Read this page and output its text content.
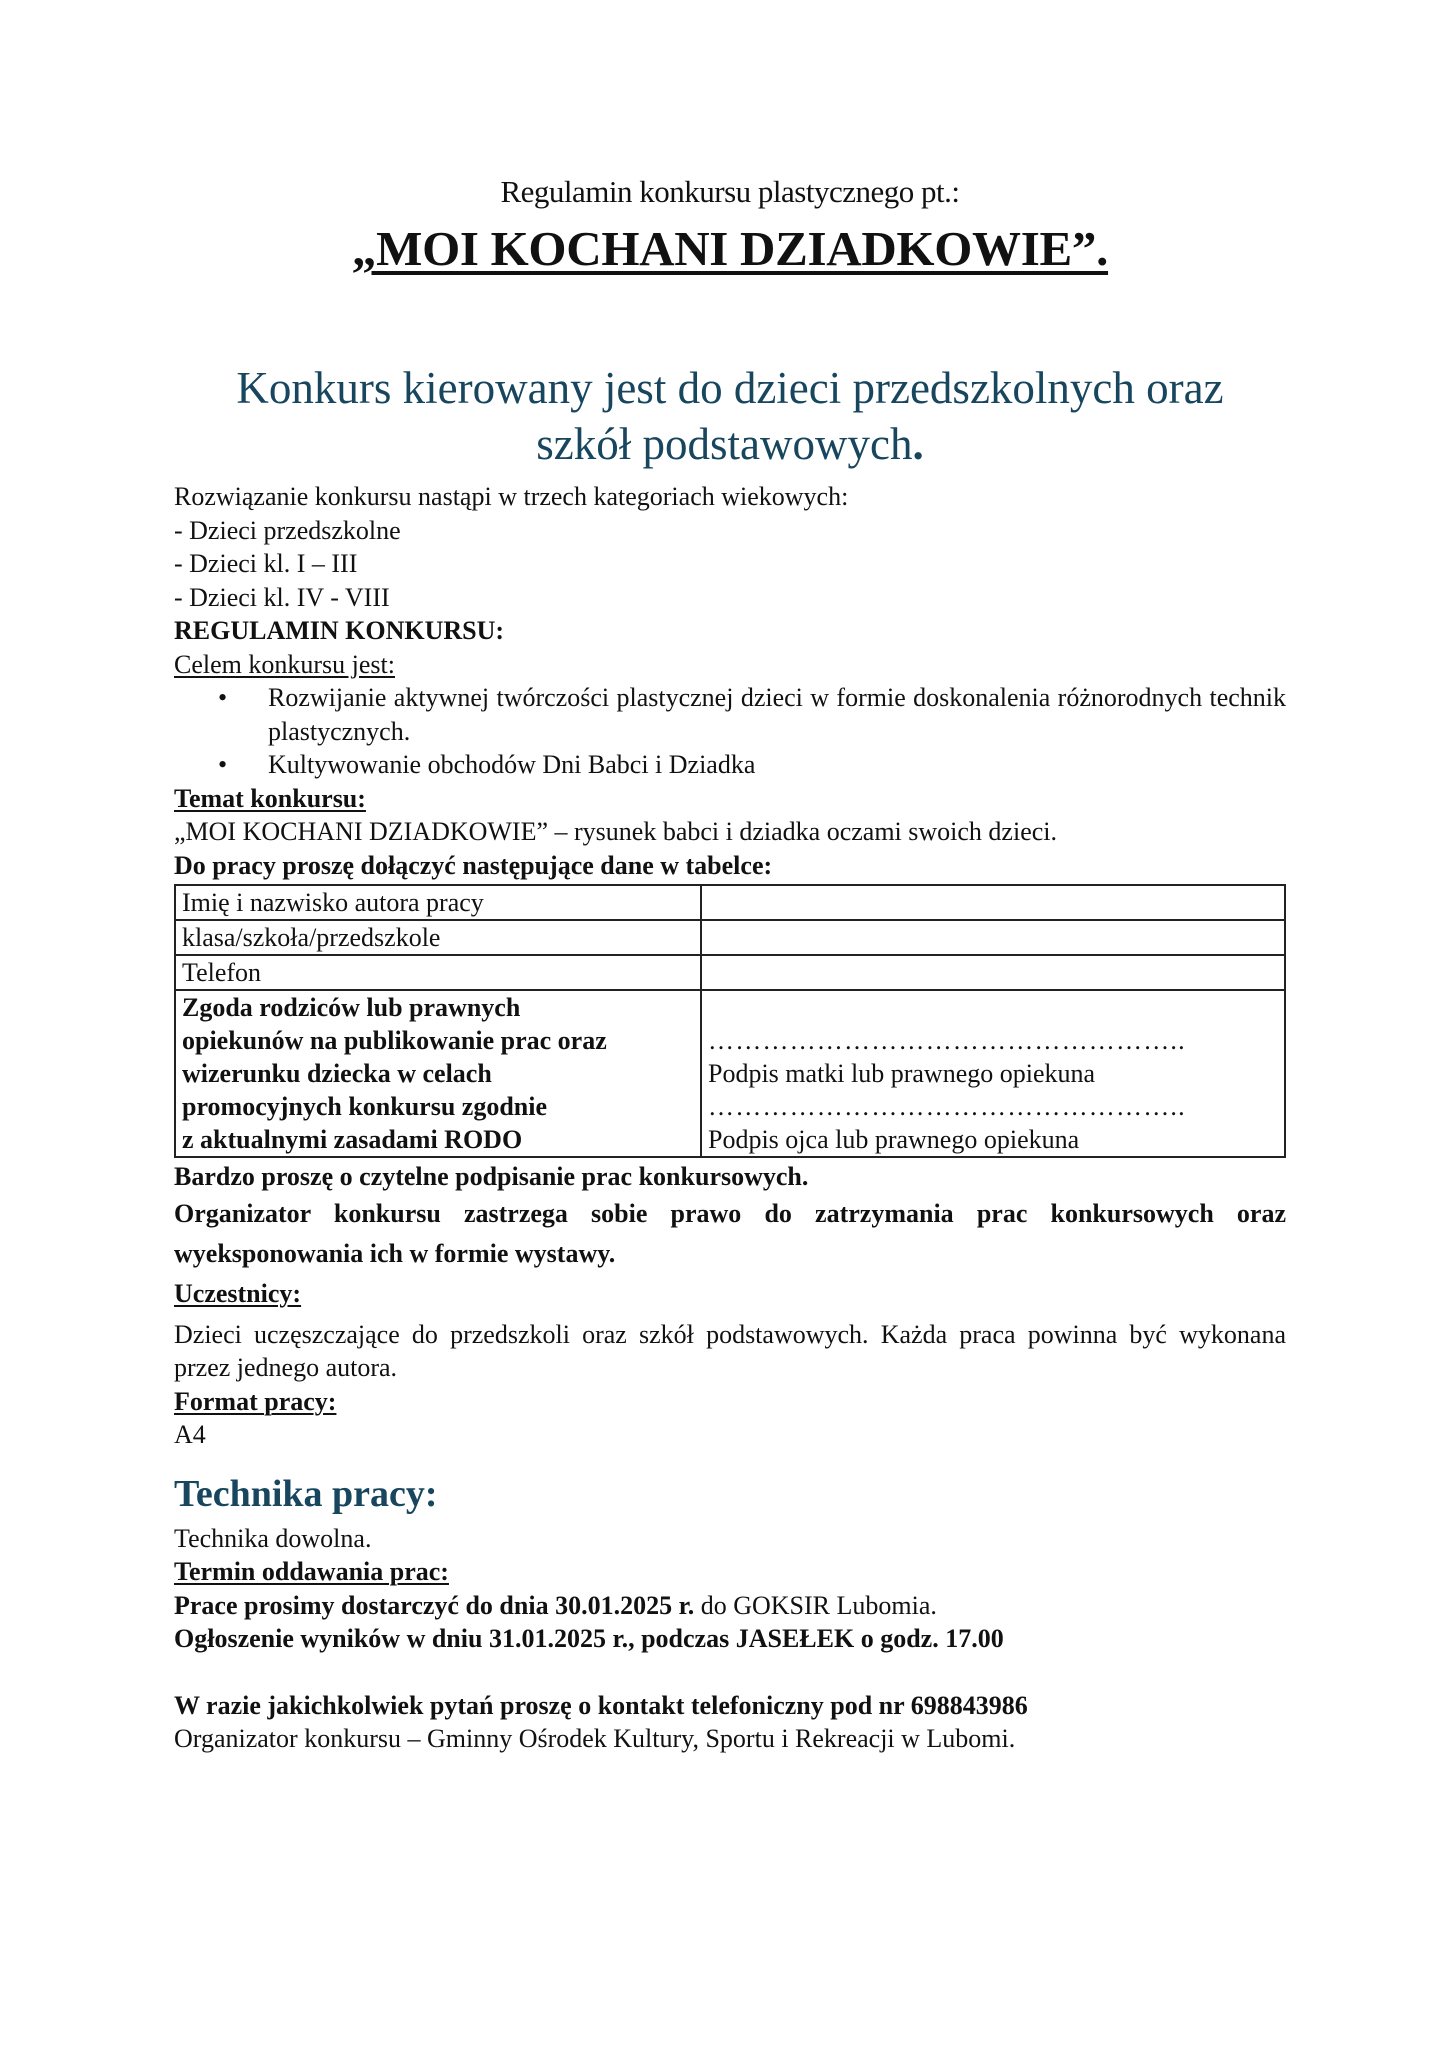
Regulamin konkursu plastycznego pt.:
„MOI KOCHANI DZIADKOWIE”.
Konkurs kierowany jest do dzieci przedszkolnych oraz
szkół podstawowych.

Rozwiązanie konkursu nastąpi w trzech kategoriach wiekowych:

- Dzieci przedszkolne

- Dzieci kl. I – III

- Dzieci kl. IV - VIII

REGULAMIN KONKURSU:

Celem konkursu jest:

• Rozwijanie aktywnej twórczości plastycznej dzieci w formie doskonalenia różnorodnych technik plastycznych.
• Kultywowanie obchodów Dni Babci i Dziadka

Temat konkursu:

„MOI KOCHANI DZIADKOWIE” – rysunek babci i dziadka oczami swoich dzieci.

Do pracy proszę dołączyć następujące dane w tabelce:

Imię i nazwisko autora pracy	
klasa/szkoła/przedszkole	
Telefon	

Zgoda rodziców lub prawnych
opiekunów na publikowanie prac oraz
wizerunku dziecka w celach
promocyjnych konkursu zgodnie
z aktualnymi zasadami RODO

……………………………………………..
Podpis matki lub prawnego opiekuna
……………………………………………..
Podpis ojca lub prawnego opiekuna

Bardzo proszę o czytelne podpisanie prac konkursowych.

Organizator konkursu zastrzega sobie prawo do zatrzymania prac konkursowych oraz wyeksponowania ich w formie wystawy.

Uczestnicy:

Dzieci uczęszczające do przedszkoli oraz szkół podstawowych. Każda praca powinna być wykonana przez jednego autora.

Format pracy:

A4

Technika pracy:

Technika dowolna.

Termin oddawania prac:

Prace prosimy dostarczyć do dnia 30.01.2025 r. do GOKSIR Lubomia.

Ogłoszenie wyników w dniu 31.01.2025 r., podczas JASEŁEK o godz. 17.00

W razie jakichkolwiek pytań proszę o kontakt telefoniczny pod nr 698843986

Organizator konkursu – Gminny Ośrodek Kultury, Sportu i Rekreacji w Lubomi.
